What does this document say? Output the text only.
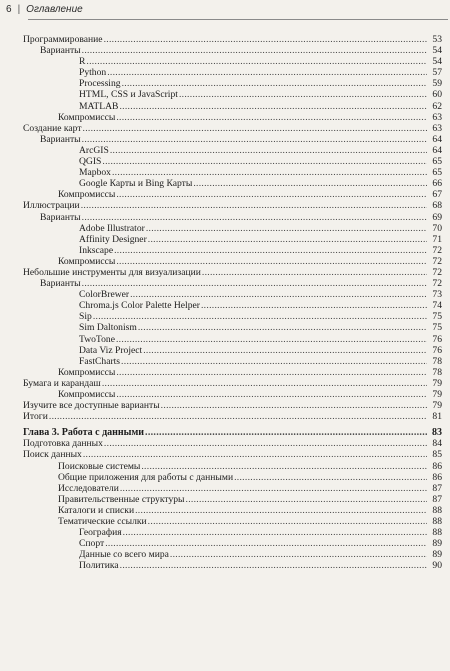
6 | Оглавление
Программирование .....	53
Варианты .....	54
R .....	54
Python .....	57
Processing .....	59
HTML, CSS и JavaScript .....	60
MATLAB .....	62
Компромиссы .....	63
Создание карт .....	63
Варианты .....	64
ArcGIS .....	64
QGIS .....	65
Mapbox .....	65
Google Карты и Bing Карты .....	66
Компромиссы .....	67
Иллюстрации .....	68
Варианты .....	69
Adobe Illustrator .....	70
Affinity Designer .....	71
Inkscape .....	72
Компромиссы .....	72
Небольшие инструменты для визуализации .....	72
Варианты .....	72
ColorBrewer .....	73
Chroma.js Color Palette Helper .....	74
Sip .....	75
Sim Daltonism .....	75
TwoTone .....	76
Data Viz Project .....	76
FastCharts .....	78
Компромиссы .....	78
Бумага и карандаш .....	79
Компромиссы .....	79
Изучите все доступные варианты .....	79
Итоги .....	81
Глава 3. Работа с данными .....	83
Подготовка данных .....	84
Поиск данных .....	85
Поисковые системы .....	86
Общие приложения для работы с данными .....	86
Исследователи .....	87
Правительственные структуры .....	87
Каталоги и списки .....	88
Тематические ссылки .....	88
География .....	88
Спорт .....	89
Данные со всего мира .....	89
Политика .....	90
